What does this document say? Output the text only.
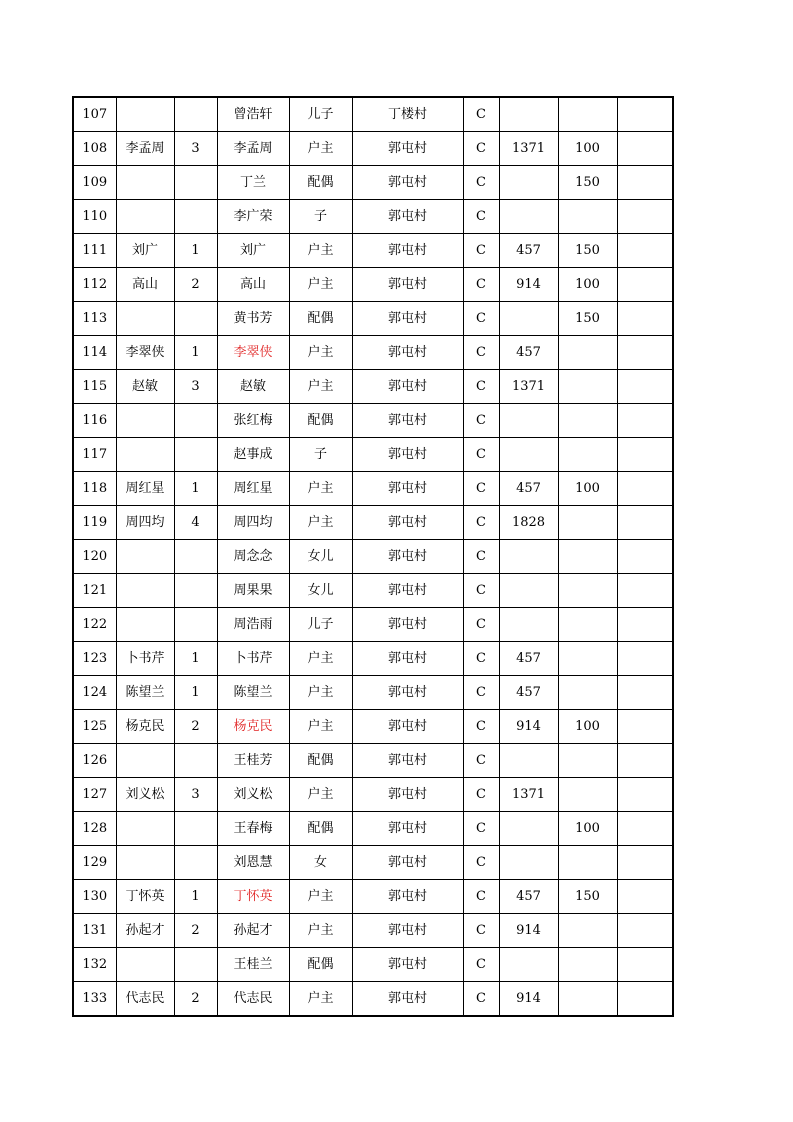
107			曾浩轩	儿子	丁楼村	C			
108	李孟周	3	李孟周	户主	郭屯村	C	1371	100	
109			丁兰	配偶	郭屯村	C		150	
110			李广荣	子	郭屯村	C			
111	刘广	1	刘广	户主	郭屯村	C	457	150	
112	高山	2	高山	户主	郭屯村	C	914	100	
113			黄书芳	配偶	郭屯村	C		150	
114	李翠侠	1	李翠侠	户主	郭屯村	C	457		
115	赵敏	3	赵敏	户主	郭屯村	C	1371		
116			张红梅	配偶	郭屯村	C			
117			赵事成	子	郭屯村	C			
118	周红星	1	周红星	户主	郭屯村	C	457	100	
119	周四均	4	周四均	户主	郭屯村	C	1828		
120			周念念	女儿	郭屯村	C			
121			周果果	女儿	郭屯村	C			
122			周浩雨	儿子	郭屯村	C			
123	卜书芹	1	卜书芹	户主	郭屯村	C	457		
124	陈望兰	1	陈望兰	户主	郭屯村	C	457		
125	杨克民	2	杨克民	户主	郭屯村	C	914	100	
126			王桂芳	配偶	郭屯村	C			
127	刘义松	3	刘义松	户主	郭屯村	C	1371		
128			王春梅	配偶	郭屯村	C		100	
129			刘恩慧	女	郭屯村	C			
130	丁怀英	1	丁怀英	户主	郭屯村	C	457	150	
131	孙起才	2	孙起才	户主	郭屯村	C	914		
132			王桂兰	配偶	郭屯村	C			
133	代志民	2	代志民	户主	郭屯村	C	914		
